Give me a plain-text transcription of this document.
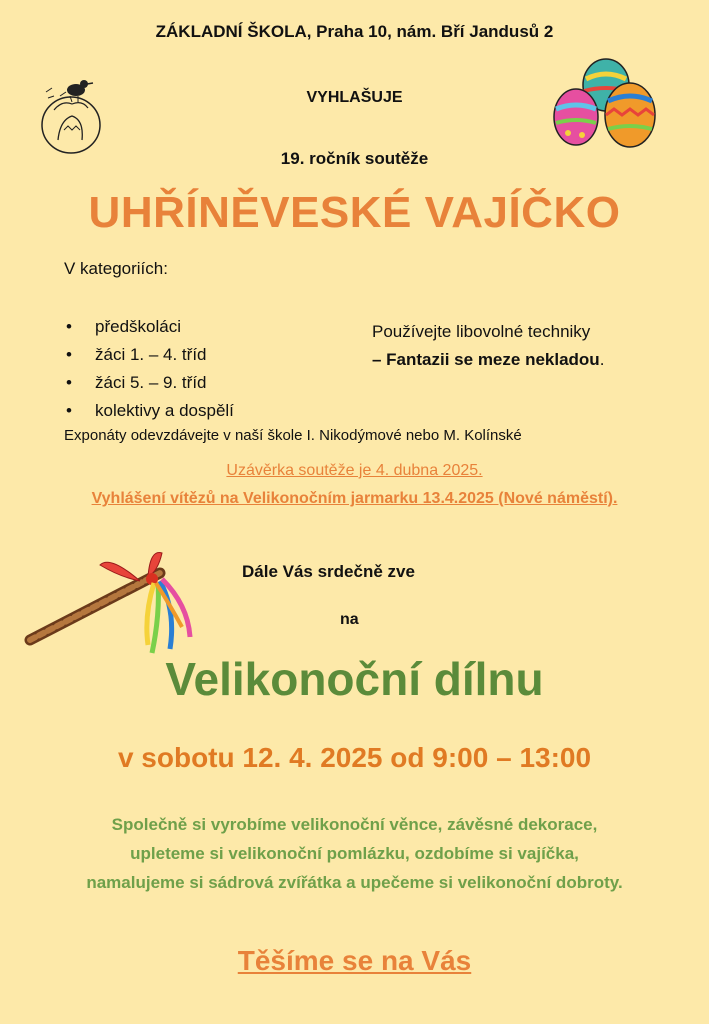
ZÁKLADNÍ ŠKOLA, Praha 10, nám. Bří Jandusů 2
VYHLAŠUJE
19. ročník soutěže
UHŘÍNĚVESKÉ VAJÍČKO
V kategoriích:
• předškoláci
• žáci 1. – 4. tříd
• žáci 5. – 9. tříd
• kolektivy a dospělí
Používejte libovolné techniky
– Fantazii se meze nekladou.
Exponáty odevzdávejte v naší škole I. Nikodýmové nebo M. Kolínské
Uzávěrka soutěže je 4. dubna 2025.
Vyhlášení vítězů na Velikonočním jarmarku 13.4.2025 (Nové náměstí).
Dále Vás srdečně zve
na
Velikonoční dílnu
v sobotu 12. 4. 2025 od 9:00 – 13:00
Společně si vyrobíme velikonoční věnce, závěsné dekorace, upleteme si velikonoční pomlázku, ozdobíme si vajíčka, namalujeme si sádrová zvířátka a upečeme si velikonoční dobroty.
Těšíme se na Vás
